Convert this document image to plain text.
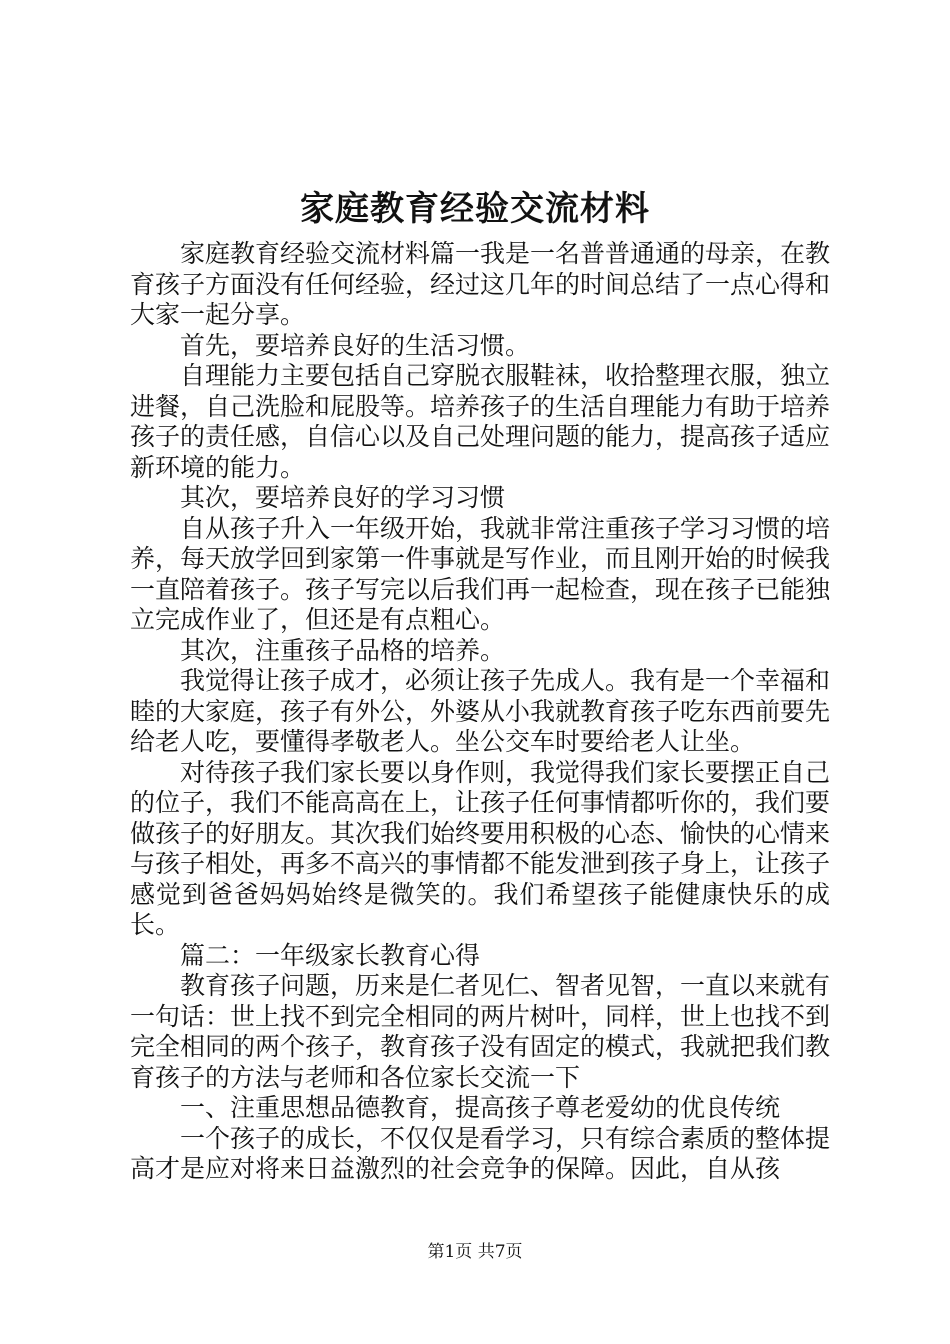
家庭教育经验交流材料

家庭教育经验交流材料篇一我是一名普普通通的母亲，在教育孩子方面没有任何经验，经过这几年的时间总结了一点心得和大家一起分享。

首先，要培养良好的生活习惯。

自理能力主要包括自己穿脱衣服鞋袜，收拾整理衣服，独立进餐，自己洗脸和屁股等。培养孩子的生活自理能力有助于培养孩子的责任感，自信心以及自己处理问题的能力，提高孩子适应新环境的能力。

其次，要培养良好的学习习惯

自从孩子升入一年级开始，我就非常注重孩子学习习惯的培养，每天放学回到家第一件事就是写作业，而且刚开始的时候我一直陪着孩子。孩子写完以后我们再一起检查，现在孩子已能独立完成作业了，但还是有点粗心。

其次，注重孩子品格的培养。

我觉得让孩子成才，必须让孩子先成人。我有是一个幸福和睦的大家庭，孩子有外公，外婆从小我就教育孩子吃东西前要先给老人吃，要懂得孝敬老人。坐公交车时要给老人让坐。

对待孩子我们家长要以身作则，我觉得我们家长要摆正自己的位子，我们不能高高在上，让孩子任何事情都听你的，我们要做孩子的好朋友。其次我们始终要用积极的心态、愉快的心情来与孩子相处，再多不高兴的事情都不能发泄到孩子身上，让孩子感觉到爸爸妈妈始终是微笑的。我们希望孩子能健康快乐的成长。

篇二：一年级家长教育心得

教育孩子问题，历来是仁者见仁、智者见智，一直以来就有一句话：世上找不到完全相同的两片树叶，同样，世上也找不到完全相同的两个孩子，教育孩子没有固定的模式，我就把我们教育孩子的方法与老师和各位家长交流一下

一、注重思想品德教育，提高孩子尊老爱幼的优良传统

一个孩子的成长，不仅仅是看学习，只有综合素质的整体提高才是应对将来日益激烈的社会竞争的保障。因此，自从孩

第1页 共7页
